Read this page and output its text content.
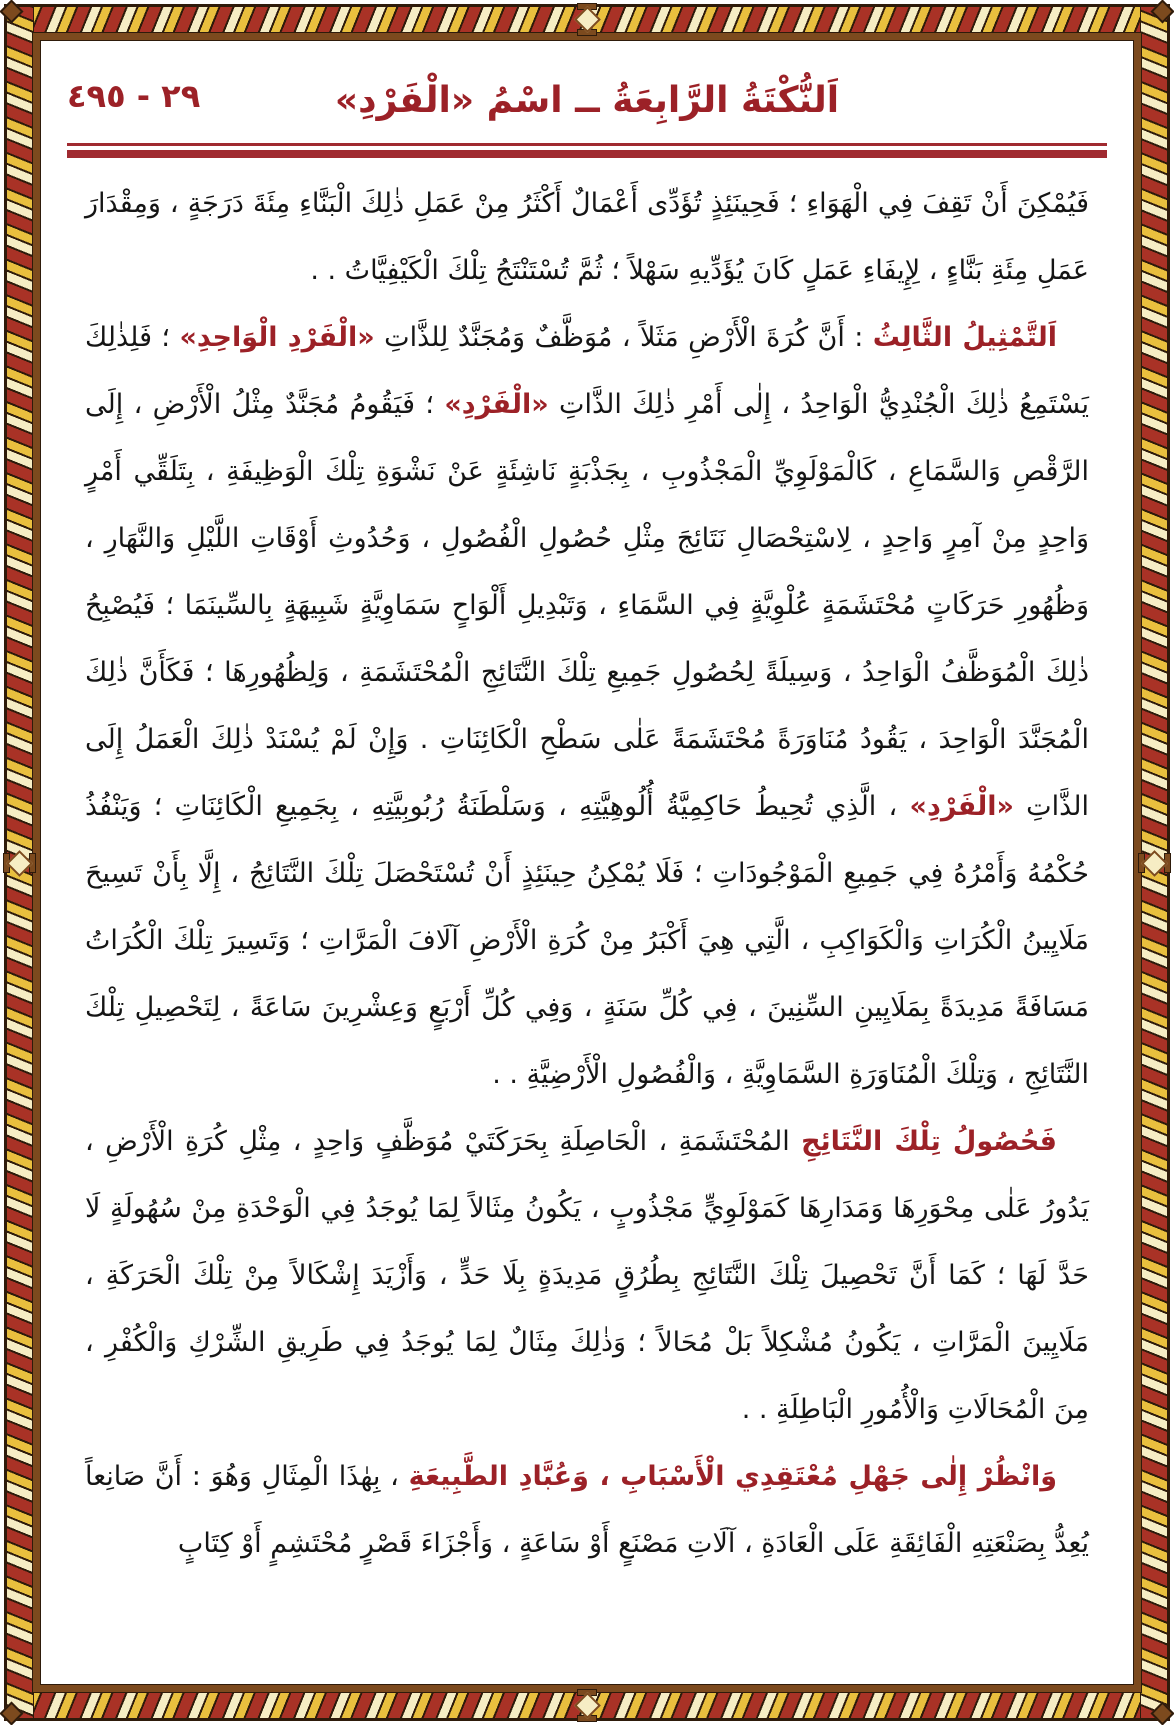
٢٩ - ٤٩٥	اَلنُّكْتَةُ الرَّابِعَةُ ــ اسْمُ «الْفَرْدِ»

فَيُمْكِنَ أَنْ تَقِفَ فِي الْهَوَاءِ ؛ فَحِينَئِذٍ تُؤَدِّى أَعْمَالٌ أَكْثَرُ مِنْ عَمَلِ ذٰلِكَ الْبَنَّاءِ مِئَةَ دَرَجَةٍ ، وَمِقْدَارَ عَمَلِ مِئَةِ بَنَّاءٍ ، لِإِيفَاءِ عَمَلٍ كَانَ يُؤَدِّيهِ سَهْلاً ؛ ثُمَّ تُسْتَنْتَجُ تِلْكَ الْكَيْفِيَّاتُ . .

اَلتَّمْثِيلُ الثَّالِثُ : أَنَّ كُرَةَ الْأَرْضِ مَثَلاً ، مُوَظَّفٌ وَمُجَنَّدٌ لِلذَّاتِ «الْفَرْدِ الْوَاحِدِ» ؛ فَلِذٰلِكَ يَسْتَمِعُ ذٰلِكَ الْجُنْدِيُّ الْوَاحِدُ ، إِلٰى أَمْرِ ذٰلِكَ الذَّاتِ «الْفَرْدِ» ؛ فَيَقُومُ مُجَنَّدٌ مِثْلُ الْأَرْضِ ، إِلَى الرَّقْصِ وَالسَّمَاعِ ، كَالْمَوْلَوِيِّ الْمَجْذُوبِ ، بِجَذْبَةٍ نَاشِئَةٍ عَنْ نَشْوَةِ تِلْكَ الْوَظِيفَةِ ، بِتَلَقِّي أَمْرٍ وَاحِدٍ مِنْ آمِرٍ وَاحِدٍ ، لِاسْتِحْصَالِ نَتَائِجَ مِثْلِ حُصُولِ الْفُصُولِ ، وَحُدُوثِ أَوْقَاتِ اللَّيْلِ وَالنَّهَارِ ، وَظُهُورِ حَرَكَاتٍ مُحْتَشَمَةٍ عُلْوِيَّةٍ فِي السَّمَاءِ ، وَتَبْدِيلِ أَلْوَاحٍ سَمَاوِيَّةٍ شَبِيهَةٍ بِالسِّينَمَا ؛ فَيُصْبِحُ ذٰلِكَ الْمُوَظَّفُ الْوَاحِدُ ، وَسِيلَةً لِحُصُولِ جَمِيعِ تِلْكَ النَّتَائِجِ الْمُحْتَشَمَةِ ، وَلِظُهُورِهَا ؛ فَكَأَنَّ ذٰلِكَ الْمُجَنَّدَ الْوَاحِدَ ، يَقُودُ مُنَاوَرَةً مُحْتَشَمَةً عَلٰى سَطْحِ الْكَائِنَاتِ . وَإِنْ لَمْ يُسْنَدْ ذٰلِكَ الْعَمَلُ إِلَى الذَّاتِ «الْفَرْدِ» ، الَّذِي تُحِيطُ حَاكِمِيَّةُ أُلُوهِيَّتِهِ ، وَسَلْطَنَةُ رُبُوبِيَّتِهِ ، بِجَمِيعِ الْكَائِنَاتِ ؛ وَيَنْفُذُ حُكْمُهُ وَأَمْرُهُ فِي جَمِيعِ الْمَوْجُودَاتِ ؛ فَلَا يُمْكِنُ حِينَئِذٍ أَنْ تُسْتَحْصَلَ تِلْكَ النَّتَائِجُ ، إِلَّا بِأَنْ تَسِيحَ مَلَايِينُ الْكُرَاتِ وَالْكَوَاكِبِ ، الَّتِي هِيَ أَكْبَرُ مِنْ كُرَةِ الْأَرْضِ آلَافَ الْمَرَّاتِ ؛ وَتَسِيرَ تِلْكَ الْكُرَاتُ مَسَافَةً مَدِيدَةً بِمَلَايِينِ السِّنِينَ ، فِي كُلِّ سَنَةٍ ، وَفِي كُلِّ أَرْبَعٍ وَعِشْرِينَ سَاعَةً ، لِتَحْصِيلِ تِلْكَ النَّتَائِجِ ، وَتِلْكَ الْمُنَاوَرَةِ السَّمَاوِيَّةِ ، وَالْفُصُولِ الْأَرْضِيَّةِ . .

فَحُصُولُ تِلْكَ النَّتَائِجِ المُحْتَشَمَةِ ، الْحَاصِلَةِ بِحَرَكَتَيْ مُوَظَّفٍ وَاحِدٍ ، مِثْلِ كُرَةِ الْأَرْضِ ، يَدُورُ عَلٰى مِحْوَرِهَا وَمَدَارِهَا كَمَوْلَوِيٍّ مَجْذُوبٍ ، يَكُونُ مِثَالاً لِمَا يُوجَدُ فِي الْوَحْدَةِ مِنْ سُهُولَةٍ لَا حَدَّ لَهَا ؛ كَمَا أَنَّ تَحْصِيلَ تِلْكَ النَّتَائِجِ بِطُرُقٍ مَدِيدَةٍ بِلَا حَدٍّ ، وَأَزْيَدَ إِشْكَالاً مِنْ تِلْكَ الْحَرَكَةِ ، مَلَايِينَ الْمَرَّاتِ ، يَكُونُ مُشْكِلاً بَلْ مُحَالاً ؛ وَذٰلِكَ مِثَالٌ لِمَا يُوجَدُ فِي طَرِيقِ الشِّرْكِ وَالْكُفْرِ ، مِنَ الْمُحَالَاتِ وَالْأُمُورِ الْبَاطِلَةِ . .

وَانْظُرْ إِلٰى جَهْلِ مُعْتَقِدِي الْأَسْبَابِ ، وَعُبَّادِ الطَّبِيعَةِ ، بِهٰذَا الْمِثَالِ وَهُوَ : أَنَّ صَانِعاً يُعِدُّ بِصَنْعَتِهِ الْفَائِقَةِ عَلَى الْعَادَةِ ، آلَاتِ مَصْنَعٍ أَوْ سَاعَةٍ ، وَأَجْزَاءَ قَصْرٍ مُحْتَشِمٍ أَوْ كِتَابٍ
